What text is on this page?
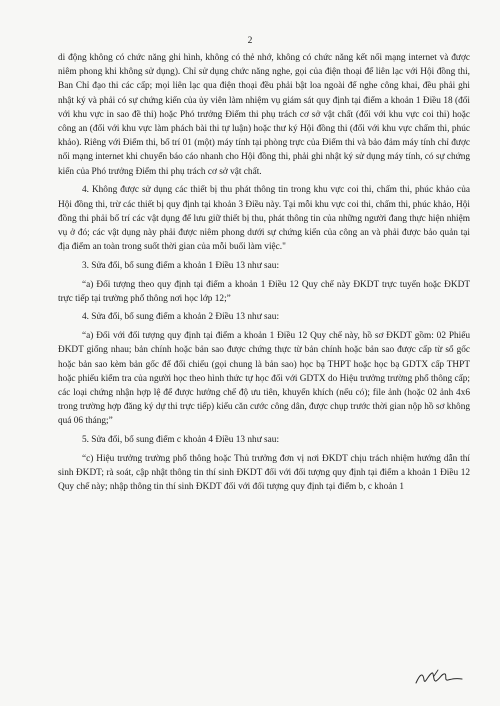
2

di động không có chức năng ghi hình, không có thẻ nhớ, không có chức năng kết nối mạng internet và được niêm phong khi không sử dụng). Chỉ sử dụng chức năng nghe, gọi của điện thoại để liên lạc với Hội đồng thi, Ban Chỉ đạo thi các cấp; mọi liên lạc qua điện thoại đều phải bật loa ngoài để nghe công khai, đều phải ghi nhật ký và phải có sự chứng kiến của ủy viên làm nhiệm vụ giám sát quy định tại điểm a khoản 1 Điều 18 (đối với khu vực in sao đề thi) hoặc Phó trưởng Điểm thi phụ trách cơ sở vật chất (đối với khu vực coi thi) hoặc công an (đối với khu vực làm phách bài thi tự luận) hoặc thư ký Hội đồng thi (đối với khu vực chấm thi, phúc khảo). Riêng với Điểm thi, bố trí 01 (một) máy tính tại phòng trực của Điểm thi và bảo đảm máy tính chỉ được nối mạng internet khi chuyển báo cáo nhanh cho Hội đồng thi, phải ghi nhật ký sử dụng máy tính, có sự chứng kiến của Phó trưởng Điểm thi phụ trách cơ sở vật chất.

4. Không được sử dụng các thiết bị thu phát thông tin trong khu vực coi thi, chấm thi, phúc khảo của Hội đồng thi, trừ các thiết bị quy định tại khoản 3 Điều này. Tại mỗi khu vực coi thi, chấm thi, phúc khảo, Hội đồng thi phải bố trí các vật dụng để lưu giữ thiết bị thu, phát thông tin của những người đang thực hiện nhiệm vụ ở đó; các vật dụng này phải được niêm phong dưới sự chứng kiến của công an và phải được bảo quản tại địa điểm an toàn trong suốt thời gian của mỗi buổi làm việc."

3. Sửa đổi, bổ sung điểm a khoản 1 Điều 13 như sau:

“a) Đối tượng theo quy định tại điểm a khoản 1 Điều 12 Quy chế này ĐKDT trực tuyến hoặc ĐKDT trực tiếp tại trường phổ thông nơi học lớp 12;”

4. Sửa đổi, bổ sung điểm a khoản 2 Điều 13 như sau:

“a) Đối với đối tượng quy định tại điểm a khoản 1 Điều 12 Quy chế này, hồ sơ ĐKDT gồm: 02 Phiếu ĐKDT giống nhau; bản chính hoặc bản sao được chứng thực từ bản chính hoặc bản sao được cấp từ sổ gốc hoặc bản sao kèm bản gốc để đối chiếu (gọi chung là bản sao) học bạ THPT hoặc học bạ GDTX cấp THPT hoặc phiếu kiểm tra của người học theo hình thức tự học đối với GDTX do Hiệu trưởng trường phổ thông cấp; các loại chứng nhận hợp lệ để được hưởng chế độ ưu tiên, khuyến khích (nếu có); file ảnh (hoặc 02 ảnh 4x6 trong trường hợp đăng ký dự thi trực tiếp) kiểu căn cước công dân, được chụp trước thời gian nộp hồ sơ không quá 06 tháng;”

5. Sửa đổi, bổ sung điểm c khoản 4 Điều 13 như sau:

“c) Hiệu trưởng trường phổ thông hoặc Thủ trưởng đơn vị nơi ĐKDT chịu trách nhiệm hướng dẫn thí sinh ĐKDT; rà soát, cập nhật thông tin thí sinh ĐKDT đối với đối tượng quy định tại điểm a khoản 1 Điều 12 Quy chế này; nhập thông tin thí sinh ĐKDT đối với đối tượng quy định tại điểm b, c khoản 1
